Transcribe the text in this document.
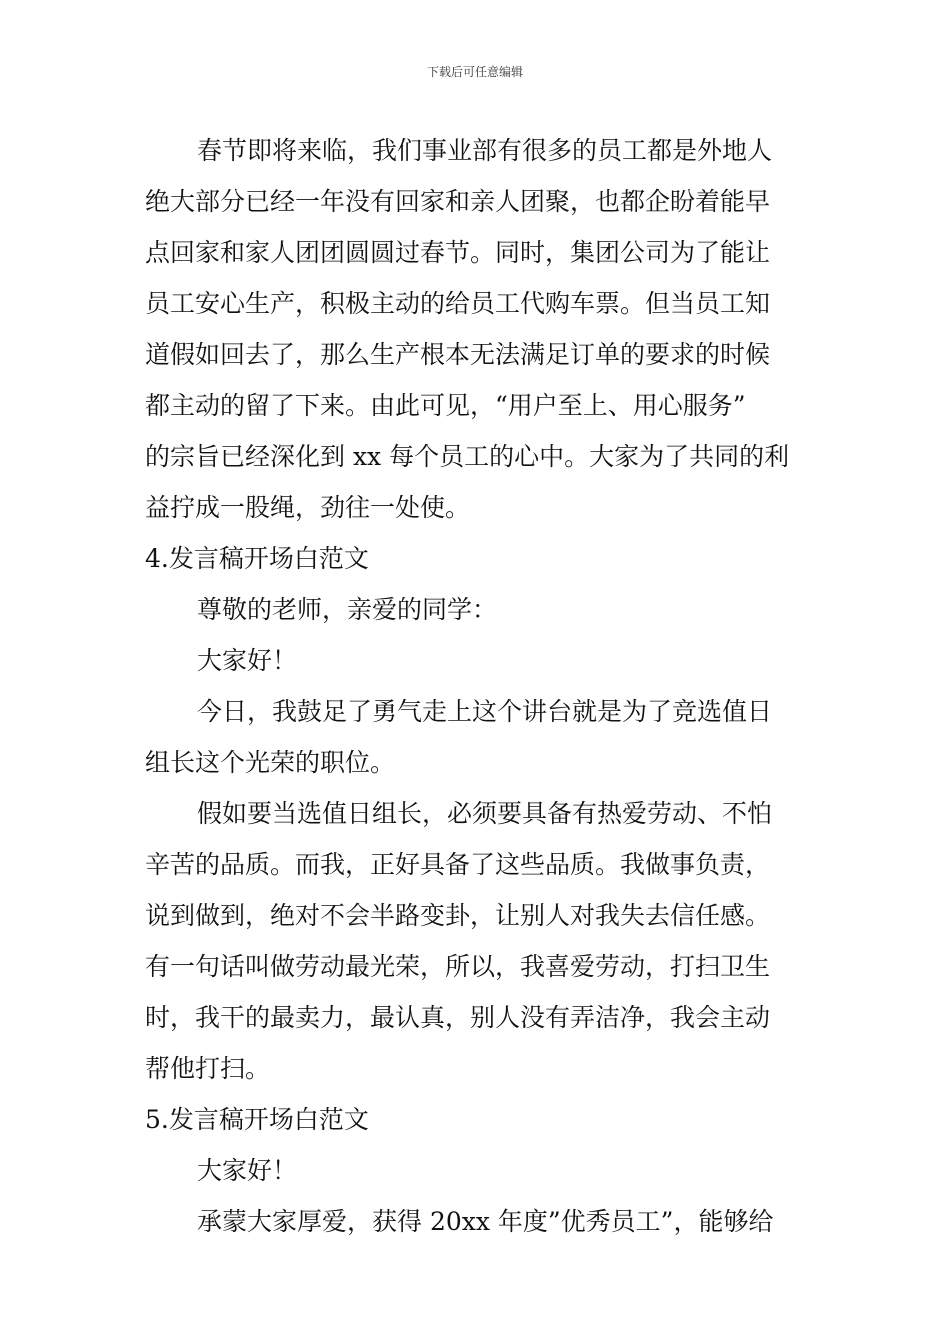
下载后可任意编辑
春节即将来临，我们事业部有很多的员工都是外地人
绝大部分已经一年没有回家和亲人团聚，也都企盼着能早
点回家和家人团团圆圆过春节。同时，集团公司为了能让
员工安心生产，积极主动的给员工代购车票。但当员工知
道假如回去了，那么生产根本无法满足订单的要求的时候
都主动的留了下来。由此可见，“用户至上、用心服务”
的宗旨已经深化到 xx 每个员工的心中。大家为了共同的利
益拧成一股绳，劲往一处使。
4.发言稿开场白范文
尊敬的老师，亲爱的同学：
大家好！
今日，我鼓足了勇气走上这个讲台就是为了竞选值日
组长这个光荣的职位。
假如要当选值日组长，必须要具备有热爱劳动、不怕
辛苦的品质。而我，正好具备了这些品质。我做事负责，
说到做到，绝对不会半路变卦，让别人对我失去信任感。
有一句话叫做劳动最光荣，所以，我喜爱劳动，打扫卫生
时，我干的最卖力，最认真，别人没有弄洁净，我会主动
帮他打扫。
5.发言稿开场白范文
大家好！
承蒙大家厚爱，获得 20xx 年度”优秀员工”，能够给
